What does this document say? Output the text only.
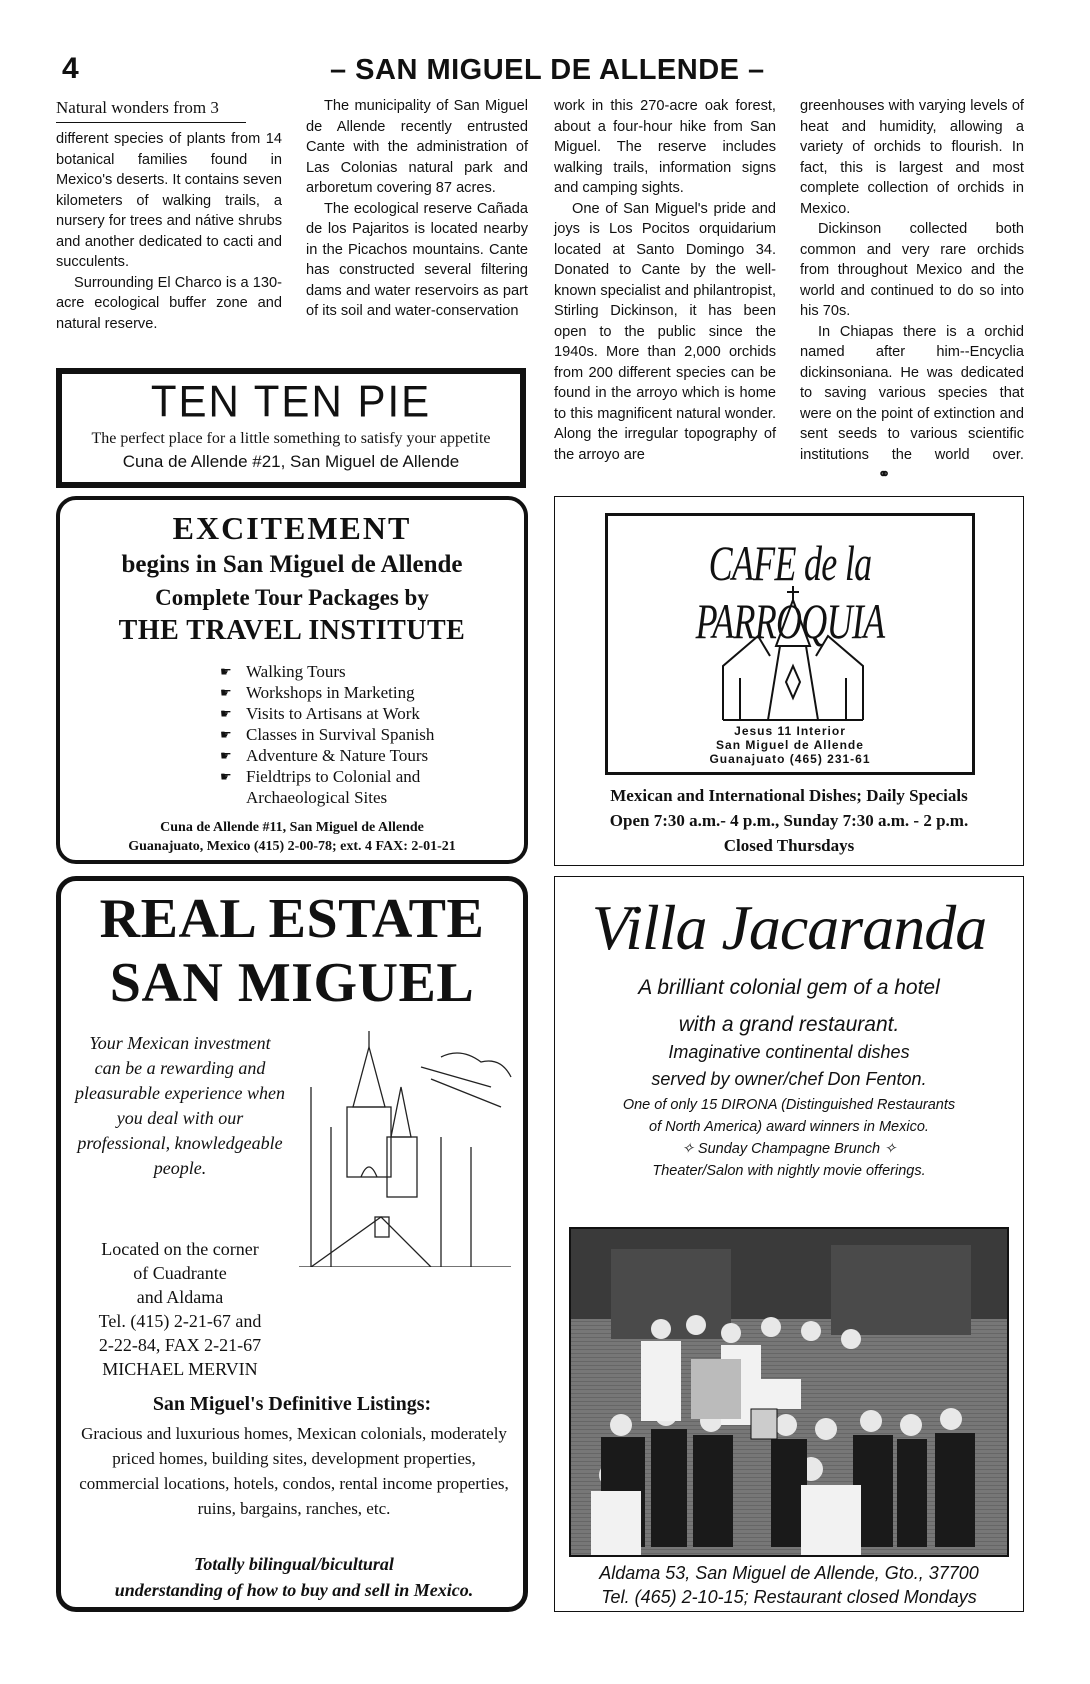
4	– SAN MIGUEL DE ALLENDE –
Natural wonders from 3

different species of plants from 14 botanical families found in Mexico's deserts. It contains seven kilometers of walking trails, a nursery for trees and nátive shrubs and another dedicated to cacti and succulents.

Surrounding El Charco is a 130-acre ecological buffer zone and natural reserve.

The municipality of San Miguel de Allende recently entrusted Cante with the administration of Las Colonias natural park and arboretum covering 87 acres.

The ecological reserve Cañada de los Pajaritos is located nearby in the Picachos mountains. Cante has constructed several filtering dams and water reservoirs as part of its soil and water-conservation

work in this 270-acre oak forest, about a four-hour hike from San Miguel. The reserve includes walking trails, information signs and camping sights.

One of San Miguel's pride and joys is Los Pocitos orquidarium located at Santo Domingo 34. Donated to Cante by the well-known specialist and philantropist, Stirling Dickinson, it has been open to the public since the 1940s. More than 2,000 orchids from 200 different species can be found in the arroyo which is home to this magnificent natural wonder. Along the irregular topography of the arroyo are

greenhouses with varying levels of heat and humidity, allowing a variety of orchids to flourish. In fact, this is largest and most complete collection of orchids in Mexico.

Dickinson collected both common and very rare orchids from throughout Mexico and the world and continued to do so into his 70s.

In Chiapas there is a orchid named after him--Encyclia dickinsoniana. He was dedicated to saving various species that were on the point of extinction and sent seeds to various scientific institutions the world over.⚭

TEN TEN PIE
The perfect place for a little something to satisfy your appetite
Cuna de Allende #21, San Miguel de Allende
EXCITEMENT
begins in San Miguel de Allende
Complete Tour Packages by
THE TRAVEL INSTITUTE
☛ Walking Tours
☛ Workshops in Marketing
☛ Visits to Artisans at Work
☛ Classes in Survival Spanish
☛ Adventure & Nature Tours
☛ Fieldtrips to Colonial and Archaeological Sites
Cuna de Allende #11, San Miguel de Allende
Guanajuato, Mexico (415) 2-00-78; ext. 4 FAX: 2-01-21
CAFE de la PARROQUIA
Jesus 11 Interior
San Miguel de Allende
Guanajuato (465) 231-61
Mexican and International Dishes; Daily Specials
Open 7:30 a.m.- 4 p.m., Sunday 7:30 a.m. - 2 p.m.
Closed Thursdays
REAL ESTATE
SAN MIGUEL
Your Mexican investment can be a rewarding and pleasurable experience when you deal with our professional, knowledgeable people.
Located on the corner
of Cuadrante
and Aldama
Tel. (415) 2-21-67 and
2-22-84, FAX 2-21-67
MICHAEL MERVIN
San Miguel's Definitive Listings:
Gracious and luxurious homes, Mexican colonials, moderately priced homes, building sites, development properties, commercial locations, hotels, condos, rental income properties, ruins, bargains, ranches, etc.
Totally bilingual/bicultural
understanding of how to buy and sell in Mexico.
Villa Jacaranda
A brilliant colonial gem of a hotel
with a grand restaurant.
Imaginative continental dishes
served by owner/chef Don Fenton.
One of only 15 DIRONA (Distinguished Restaurants
of North America) award winners in Mexico.
✧ Sunday Champagne Brunch ✧
Theater/Salon with nightly movie offerings.
Aldama 53, San Miguel de Allende, Gto., 37700
Tel. (465) 2-10-15; Restaurant closed Mondays
